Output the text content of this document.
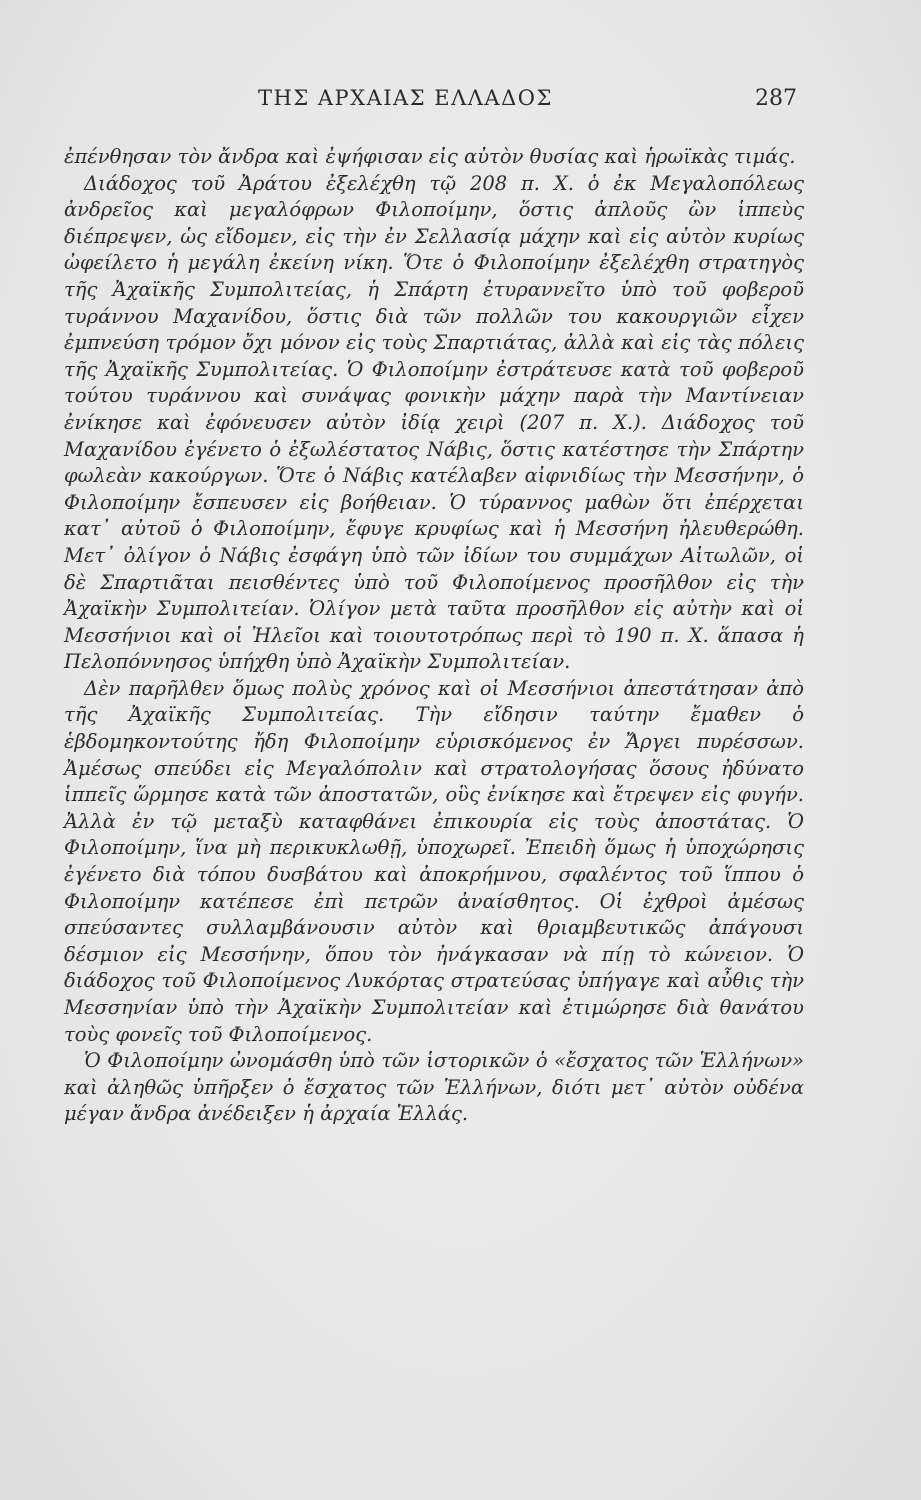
ΤΗΣ ΑΡΧΑΙΑΣ ΕΛΛΑΔΟΣ	287

ἐπένθησαν τὸν ἄνδρα καὶ ἐψήφισαν εἰς αὐτὸν θυσίας καὶ ἡρωϊκὰς τιμάς.

Διάδοχος τοῦ Ἀράτου ἐξελέχθη τῷ 208 π. Χ. ὁ ἐκ Μεγαλοπόλεως ἀνδρεῖος καὶ μεγαλόφρων Φιλοποίμην, ὅστις ἁπλοῦς ὢν ἱππεὺς διέπρεψεν, ὡς εἴδομεν, εἰς τὴν ἐν Σελλασίᾳ μάχην καὶ εἰς αὐτὸν κυρίως ὠφείλετο ἡ μεγάλη ἐκείνη νίκη. Ὅτε ὁ Φιλοποίμην ἐξελέχθη στρατηγὸς τῆς Ἀχαϊκῆς Συμπολιτείας, ἡ Σπάρτη ἐτυραννεῖτο ὑπὸ τοῦ φοβεροῦ τυράννου Μαχανίδου, ὅστις διὰ τῶν πολλῶν του κακουργιῶν εἶχεν ἐμπνεύση τρόμον ὄχι μόνον εἰς τοὺς Σπαρτιάτας, ἀλλὰ καὶ εἰς τὰς πόλεις τῆς Ἀχαϊκῆς Συμπολιτείας. Ὁ Φιλοποίμην ἐστράτευσε κατὰ τοῦ φοβεροῦ τούτου τυράννου καὶ συνάψας φονικὴν μάχην παρὰ τὴν Μαντίνειαν ἐνίκησε καὶ ἐφόνευσεν αὐτὸν ἰδίᾳ χειρὶ (207 π. Χ.). Διάδοχος τοῦ Μαχανίδου ἐγένετο ὁ ἐξωλέστατος Νάβις, ὅστις κατέστησε τὴν Σπάρτην φωλεὰν κακούργων. Ὅτε ὁ Νάβις κατέλαβεν αἰφνιδίως τὴν Μεσσήνην, ὁ Φιλοποίμην ἔσπευσεν εἰς βοήθειαν. Ὁ τύραννος μαθὼν ὅτι ἐπέρχεται κατ᾽ αὐτοῦ ὁ Φιλοποίμην, ἔφυγε κρυφίως καὶ ἡ Μεσσήνη ἠλευθερώθη. Μετ᾽ ὀλίγον ὁ Νάβις ἐσφάγη ὑπὸ τῶν ἰδίων του συμμάχων Αἰτωλῶν, οἱ δὲ Σπαρτιᾶται πεισθέντες ὑπὸ τοῦ Φιλοποίμενος προσῆλθον εἰς τὴν Ἀχαϊκὴν Συμπολιτείαν. Ὀλίγον μετὰ ταῦτα προσῆλθον εἰς αὐτὴν καὶ οἱ Μεσσήνιοι καὶ οἱ Ἠλεῖοι καὶ τοιουτοτρόπως περὶ τὸ 190 π. Χ. ἅπασα ἡ Πελοπόννησος ὑπήχθη ὑπὸ Ἀχαϊκὴν Συμπολιτείαν.

Δὲν παρῆλθεν ὅμως πολὺς χρόνος καὶ οἱ Μεσσήνιοι ἀπεστάτησαν ἀπὸ τῆς Ἀχαϊκῆς Συμπολιτείας. Τὴν εἴδησιν ταύτην ἔμαθεν ὁ ἑβδομηκοντούτης ἤδη Φιλοποίμην εὑρισκόμενος ἐν Ἄργει πυρέσσων. Ἀμέσως σπεύδει εἰς Μεγαλόπολιν καὶ στρατολογήσας ὅσους ἠδύνατο ἱππεῖς ὥρμησε κατὰ τῶν ἀποστατῶν, οὓς ἐνίκησε καὶ ἔτρεψεν εἰς φυγήν. Ἀλλὰ ἐν τῷ μεταξὺ καταφθάνει ἐπικουρία εἰς τοὺς ἀποστάτας. Ὁ Φιλοποίμην, ἵνα μὴ περικυκλωθῇ, ὑποχωρεῖ. Ἐπειδὴ ὅμως ἡ ὑποχώρησις ἐγένετο διὰ τόπου δυσβάτου καὶ ἀποκρήμνου, σφαλέντος τοῦ ἵππου ὁ Φιλοποίμην κατέπεσε ἐπὶ πετρῶν ἀναίσθητος. Οἱ ἐχθροὶ ἀμέσως σπεύσαντες συλλαμβάνουσιν αὐτὸν καὶ θριαμβευτικῶς ἀπάγουσι δέσμιον εἰς Μεσσήνην, ὅπου τὸν ἠνάγκασαν νὰ πίῃ τὸ κώνειον. Ὁ διάδοχος τοῦ Φιλοποίμενος Λυκόρτας στρατεύσας ὑπήγαγε καὶ αὖθις τὴν Μεσσηνίαν ὑπὸ τὴν Ἀχαϊκὴν Συμπολιτείαν καὶ ἐτιμώρησε διὰ θανάτου τοὺς φονεῖς τοῦ Φιλοποίμενος.

Ὁ Φιλοποίμην ὠνομάσθη ὑπὸ τῶν ἱστορικῶν ὁ «ἔσχατος τῶν Ἑλλήνων» καὶ ἀληθῶς ὑπῆρξεν ὁ ἔσχατος τῶν Ἑλλήνων, διότι μετ᾽ αὐτὸν οὐδένα μέγαν ἄνδρα ἀνέδειξεν ἡ ἀρχαία Ἑλλάς.
